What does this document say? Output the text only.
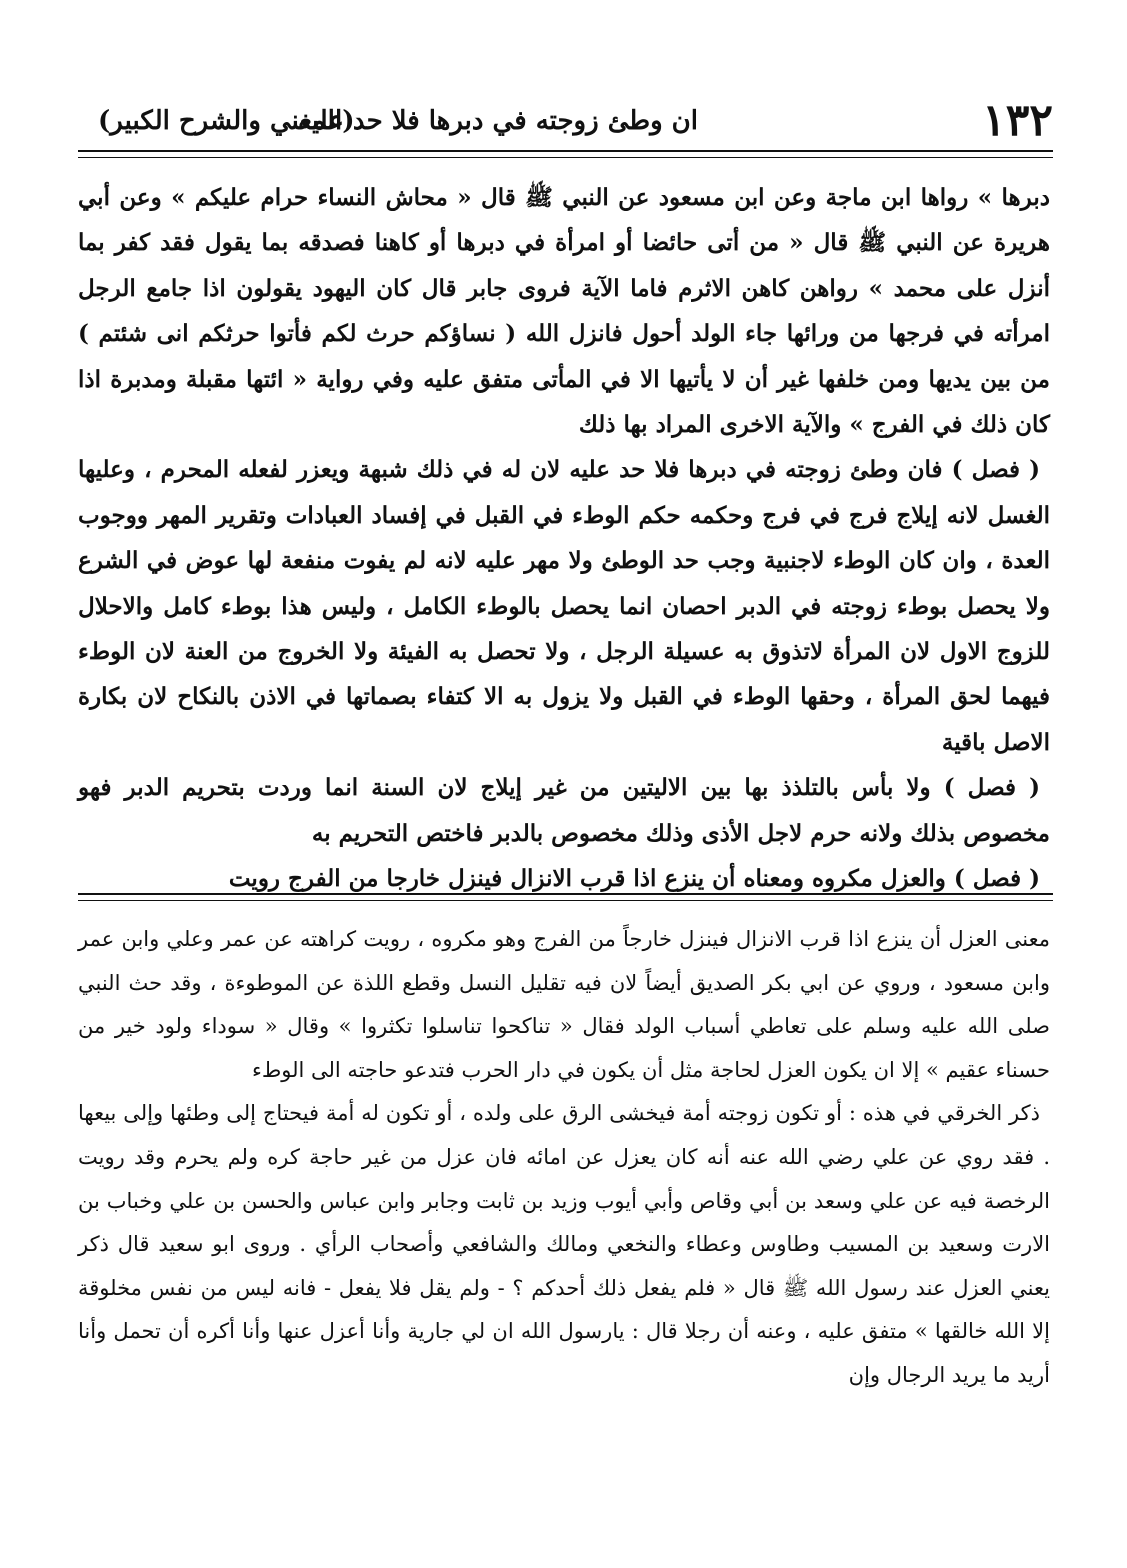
١٣٢
ان وطئ زوجته في دبرها فلا حد عليه
(المغني والشرح الكبير)

دبرها » رواها ابن ماجة وعن ابن مسعود عن النبي ﷺ قال « محاش النساء حرام عليكم » وعن أبي هريرة عن النبي ﷺ قال « من أتى حائضا أو امرأة في دبرها أو كاهنا فصدقه بما يقول فقد كفر بما أنزل على محمد » رواهن كاهن الاثرم فاما الآية فروى جابر قال كان اليهود يقولون اذا جامع الرجل امرأته في فرجها من ورائها جاء الولد أحول فانزل الله ( نساؤكم حرث لكم فأتوا حرثكم انى شئتم ) من بين يديها ومن خلفها غير أن لا يأتيها الا في المأتى متفق عليه وفي رواية « ائتها مقبلة ومدبرة اذا كان ذلك في الفرج » والآية الاخرى المراد بها ذلك

( فصل ) فان وطئ زوجته في دبرها فلا حد عليه لان له في ذلك شبهة ويعزر لفعله المحرم ، وعليها الغسل لانه إيلاج فرج في فرج وحكمه حكم الوطء في القبل في إفساد العبادات وتقرير المهر ووجوب العدة ، وان كان الوطء لاجنبية وجب حد الوطئ ولا مهر عليه لانه لم يفوت منفعة لها عوض في الشرع ولا يحصل بوطء زوجته في الدبر احصان انما يحصل بالوطء الكامل ، وليس هذا بوطء كامل والاحلال للزوج الاول لان المرأة لاتذوق به عسيلة الرجل ، ولا تحصل به الفيئة ولا الخروج من العنة لان الوطء فيهما لحق المرأة ، وحقها الوطء في القبل ولا يزول به الا كتفاء بصماتها في الاذن بالنكاح لان بكارة الاصل باقية

( فصل ) ولا بأس بالتلذذ بها بين الاليتين من غير إيلاج لان السنة انما وردت بتحريم الدبر فهو مخصوص بذلك ولانه حرم لاجل الأذى وذلك مخصوص بالدبر فاختص التحريم به

( فصل ) والعزل مكروه ومعناه أن ينزع اذا قرب الانزال فينزل خارجا من الفرج رويت

معنى العزل أن ينزع اذا قرب الانزال فينزل خارجاً من الفرج وهو مكروه ، رويت كراهته عن عمر وعلي وابن عمر وابن مسعود ، وروي عن ابي بكر الصديق أيضاً لان فيه تقليل النسل وقطع اللذة عن الموطوءة ، وقد حث النبي صلى الله عليه وسلم على تعاطي أسباب الولد فقال « تناكحوا تناسلوا تكثروا » وقال « سوداء ولود خير من حسناء عقيم » إلا ان يكون العزل لحاجة مثل أن يكون في دار الحرب فتدعو حاجته الى الوطء

ذكر الخرقي في هذه : أو تكون زوجته أمة فيخشى الرق على ولده ، أو تكون له أمة فيحتاج إلى وطئها وإلى بيعها . فقد روي عن علي رضي الله عنه أنه كان يعزل عن امائه فان عزل من غير حاجة كره ولم يحرم وقد رويت الرخصة فيه عن علي وسعد بن أبي وقاص وأبي أيوب وزيد بن ثابت وجابر وابن عباس والحسن بن علي وخباب بن الارت وسعيد بن المسيب وطاوس وعطاء والنخعي ومالك والشافعي وأصحاب الرأي . وروى ابو سعيد قال ذكر يعني العزل عند رسول الله ﷺ قال « فلم يفعل ذلك أحدكم ؟ - ولم يقل فلا يفعل - فانه ليس من نفس مخلوقة إلا الله خالقها » متفق عليه ، وعنه أن رجلا قال : يارسول الله ان لي جارية وأنا أعزل عنها وأنا أكره أن تحمل وأنا أريد ما يريد الرجال وإن
